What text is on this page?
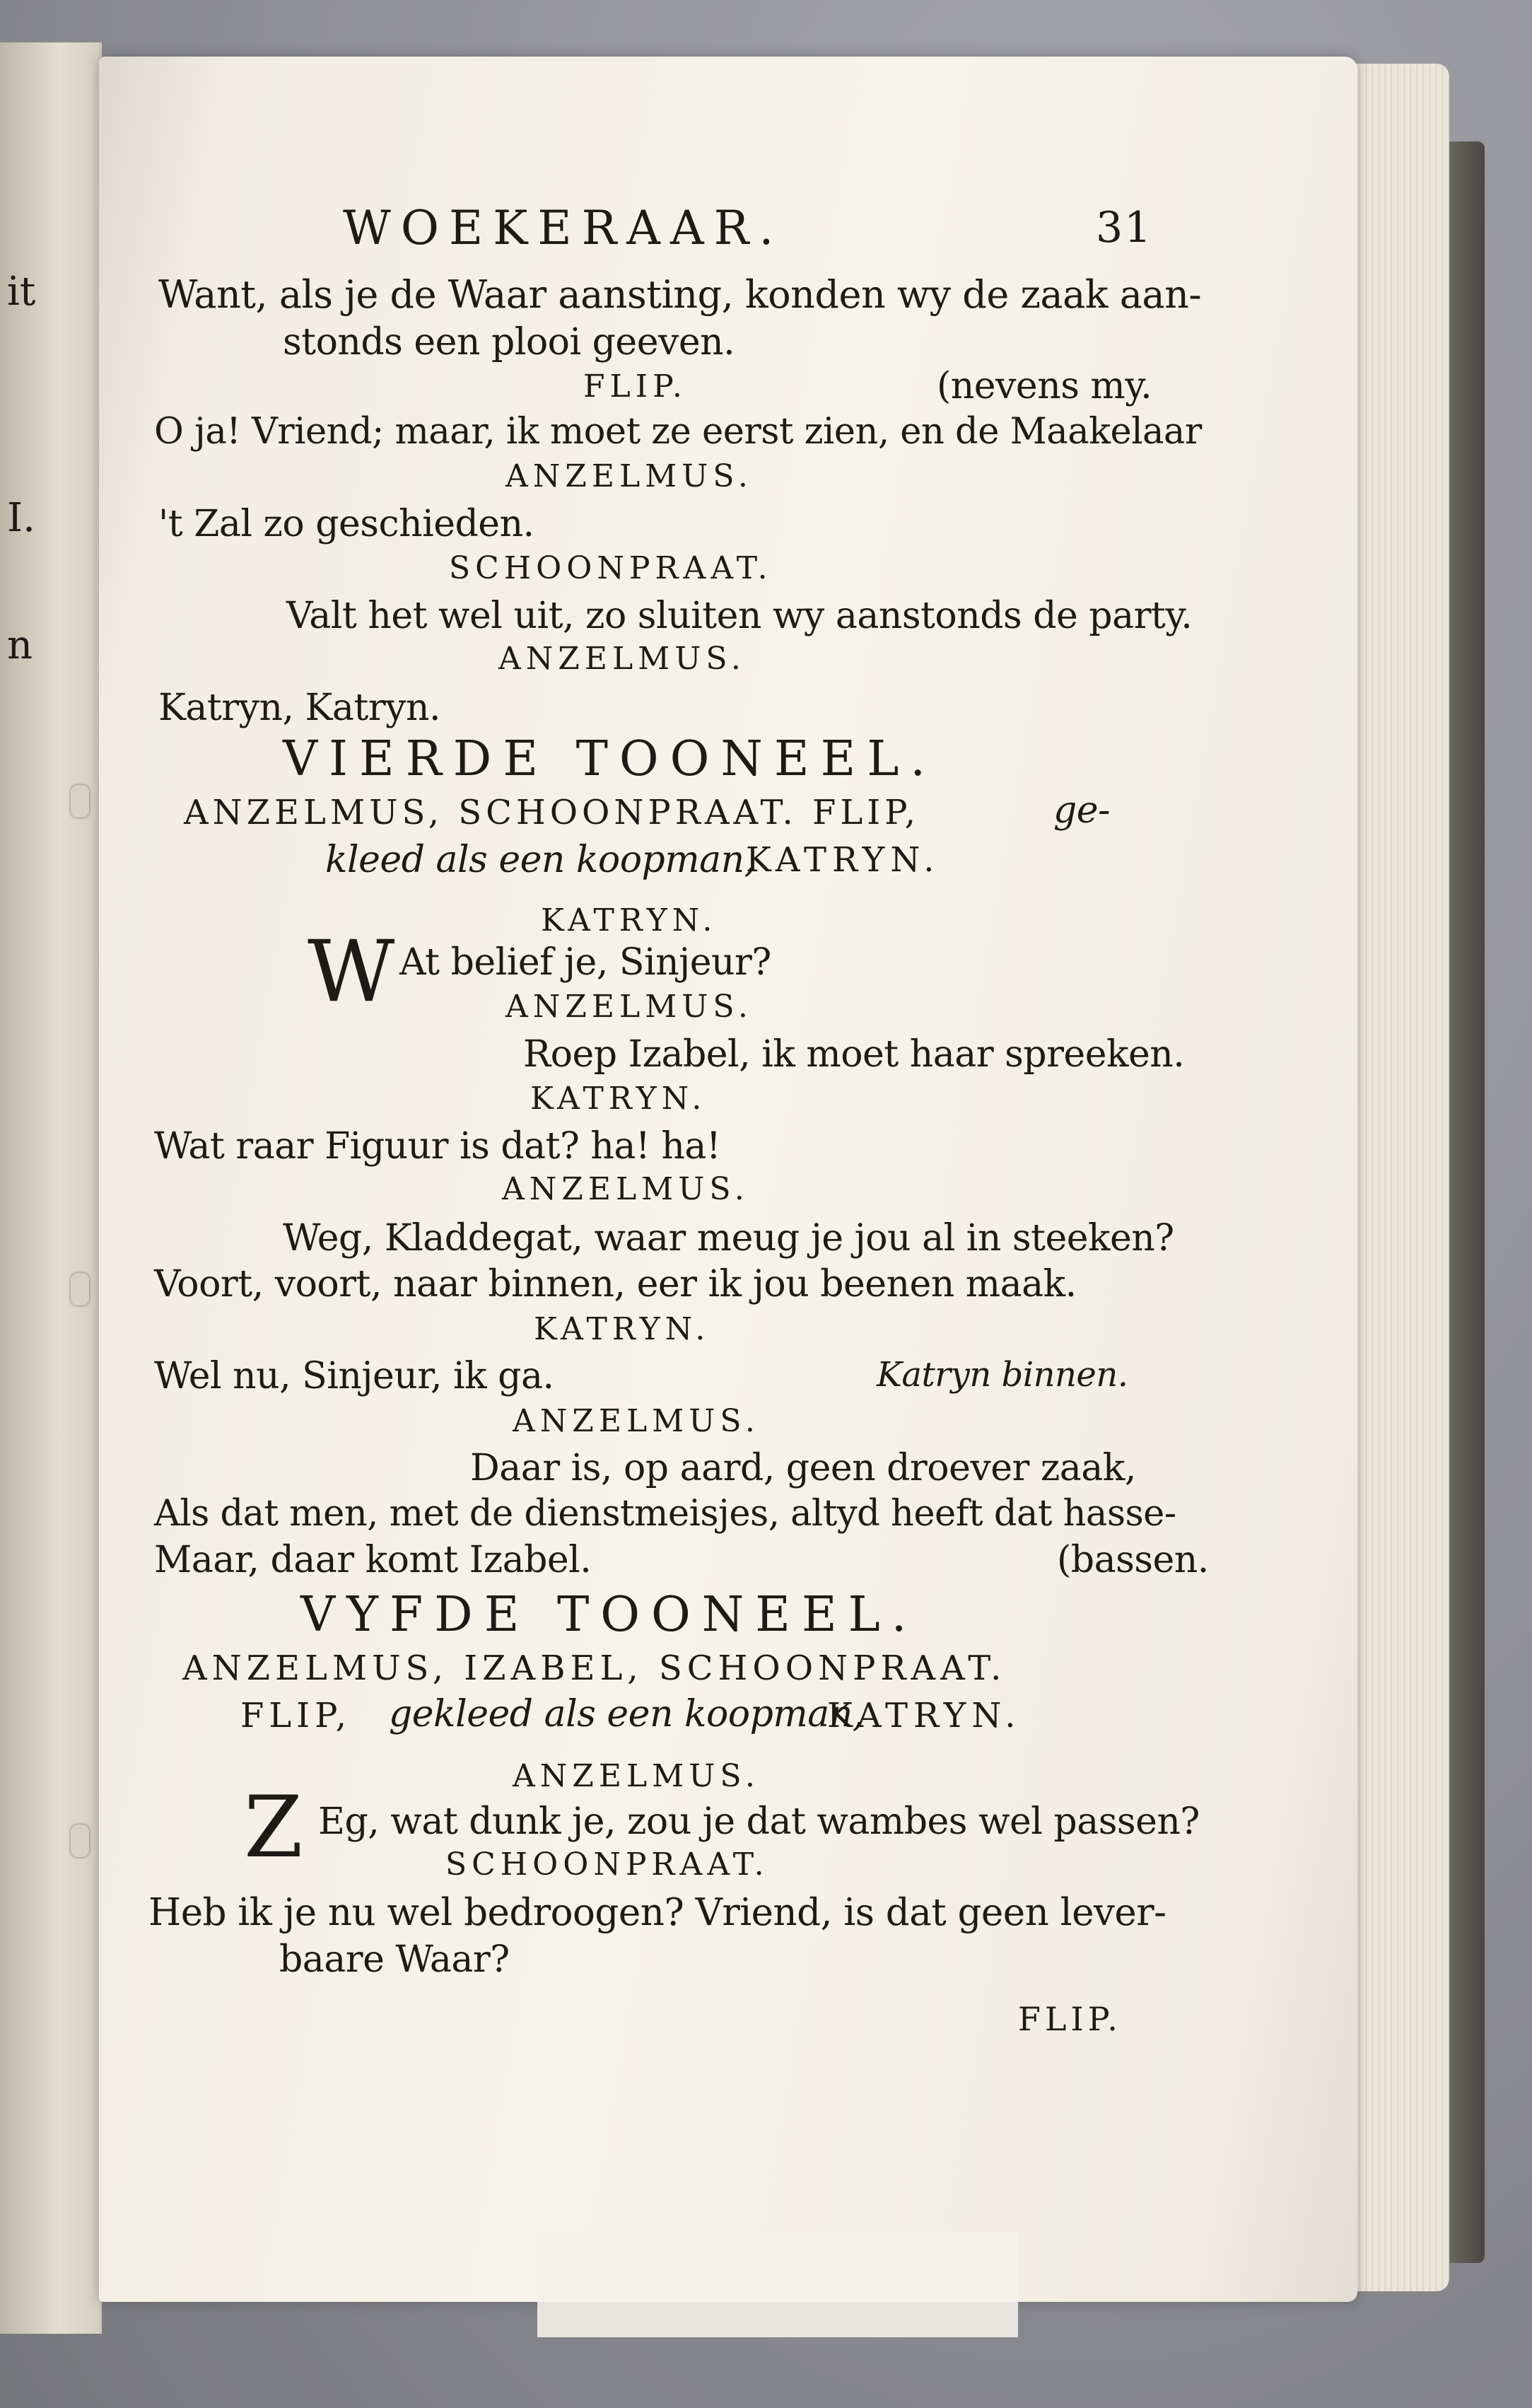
it
I.
n
WOEKERAAR.	31
Want, als je de Waar aansting, konden wy de zaak aan-
stonds een plooi geeven.
FLIP.	(nevens my.
O ja! Vriend; maar, ik moet ze eerst zien, en de Maakelaar
ANZELMUS.
't Zal zo geschieden.
SCHOONPRAAT.
Valt het wel uit, zo sluiten wy aanstonds de party.
ANZELMUS.
Katryn, Katryn.
VIERDE TOONEEL.
ANZELMUS, SCHOONPRAAT. FLIP,	ge-
kleed als een koopman,
KATRYN.
KATRYN.
W At belief je, Sinjeur?
ANZELMUS.
Roep Izabel, ik moet haar spreeken.
KATRYN.
Wat raar Figuur is dat? ha! ha!
ANZELMUS.
Weg, Kladdegat, waar meug je jou al in steeken?
Voort, voort, naar binnen, eer ik jou beenen maak.
KATRYN.
Wel nu, Sinjeur, ik ga.	Katryn binnen.
ANZELMUS.
Daar is, op aard, geen droever zaak,
Als dat men, met de dienstmeisjes, altyd heeft dat hasse-
Maar, daar komt Izabel.	(bassen.
VYFDE TOONEEL.
ANZELMUS, IZABEL, SCHOONPRAAT.
FLIP, gekleed als een koopman,
KATRYN.
ANZELMUS.
Z Eg, wat dunk je, zou je dat wambes wel passen?
SCHOONPRAAT.
Heb ik je nu wel bedroogen? Vriend, is dat geen lever-
baare Waar?
FLIP.
